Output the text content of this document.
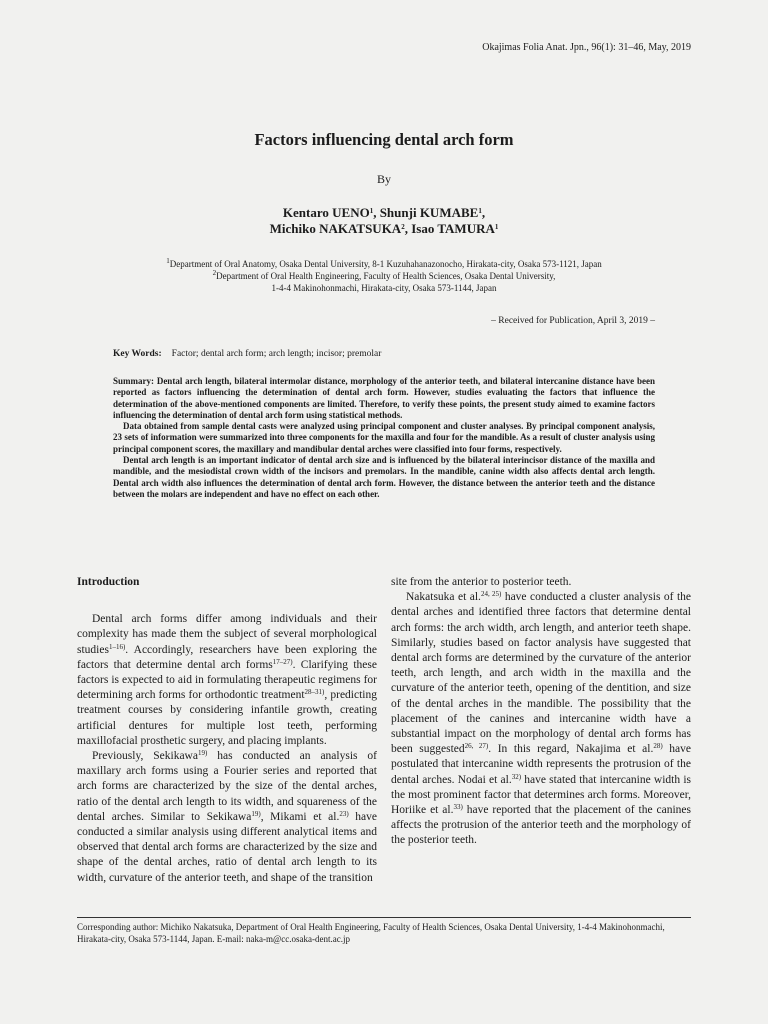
Okajimas Folia Anat. Jpn., 96(1): 31–46, May, 2019
Factors influencing dental arch form
By
Kentaro UENO$^1$, Shunji KUMABE$^1$,
Michiko NAKATSUKA$^2$, Isao TAMURA$^1$
$^1$Department of Oral Anatomy, Osaka Dental University, 8-1 Kuzuhahanazonocho, Hirakata-city, Osaka 573-1121, Japan
$^2$Department of Oral Health Engineering, Faculty of Health Sciences, Osaka Dental University,
1-4-4 Makinohonmachi, Hirakata-city, Osaka 573-1144, Japan
– Received for Publication, April 3, 2019 –
Key Words: Factor; dental arch form; arch length; incisor; premolar

Summary: Dental arch length, bilateral intermolar distance, morphology of the anterior teeth, and bilateral intercanine distance have been reported as factors influencing the determination of dental arch form. However, studies evaluating the factors that influence the determination of the above-mentioned components are limited. Therefore, to verify these points, the present study aimed to examine factors influencing the determination of dental arch form using statistical methods.

Data obtained from sample dental casts were analyzed using principal component and cluster analyses. By principal component analysis, 23 sets of information were summarized into three components for the maxilla and four for the mandible. As a result of cluster analysis using principal component scores, the maxillary and mandibular dental arches were classified into four forms, respectively.

Dental arch length is an important indicator of dental arch size and is influenced by the bilateral interincisor distance of the maxilla and mandible, and the mesiodistal crown width of the incisors and premolars. In the mandible, canine width also affects dental arch length. Dental arch width also influences the determination of dental arch form. However, the distance between the anterior teeth and the distance between the molars are independent and have no effect on each other.

Introduction

Dental arch forms differ among individuals and their complexity has made them the subject of several morphological studies$^{1-16)}$. Accordingly, researchers have been exploring the factors that determine dental arch forms$^{17-27)}$. Clarifying these factors is expected to aid in formulating therapeutic regimens for determining arch forms for orthodontic treatment$^{28-31)}$, predicting treatment courses by considering infantile growth, creating artificial dentures for multiple lost teeth, performing maxillofacial prosthetic surgery, and placing implants.

Previously, Sekikawa$^{19)}$ has conducted an analysis of maxillary arch forms using a Fourier series and reported that arch forms are characterized by the size of the dental arches, ratio of the dental arch length to its width, and squareness of the dental arches. Similar to Sekikawa$^{19)}$, Mikami et al.$^{23)}$ have conducted a similar analysis using different analytical items and observed that dental arch forms are characterized by the size and shape of the dental arches, ratio of dental arch length to its width, curvature of the anterior teeth, and shape of the transition

site from the anterior to posterior teeth.

Nakatsuka et al.$^{24, 25)}$ have conducted a cluster analysis of the dental arches and identified three factors that determine dental arch forms: the arch width, arch length, and anterior teeth shape. Similarly, studies based on factor analysis have suggested that dental arch forms are determined by the curvature of the anterior teeth, arch length, and arch width in the maxilla and the curvature of the anterior teeth, opening of the dentition, and size of the dental arches in the mandible. The possibility that the placement of the canines and intercanine width have a substantial impact on the morphology of dental arch forms has been suggested$^{26, 27)}$. In this regard, Nakajima et al.$^{28)}$ have postulated that intercanine width represents the protrusion of the dental arches. Nodai et al.$^{32)}$ have stated that intercanine width is the most prominent factor that determines arch forms. Moreover, Horiike et al.$^{33)}$ have reported that the placement of the canines affects the protrusion of the anterior teeth and the morphology of the posterior teeth.

Corresponding author: Michiko Nakatsuka, Department of Oral Health Engineering, Faculty of Health Sciences, Osaka Dental University, 1-4-4 Makinohonmachi, Hirakata-city, Osaka 573-1144, Japan. E-mail: naka-m@cc.osaka-dent.ac.jp
